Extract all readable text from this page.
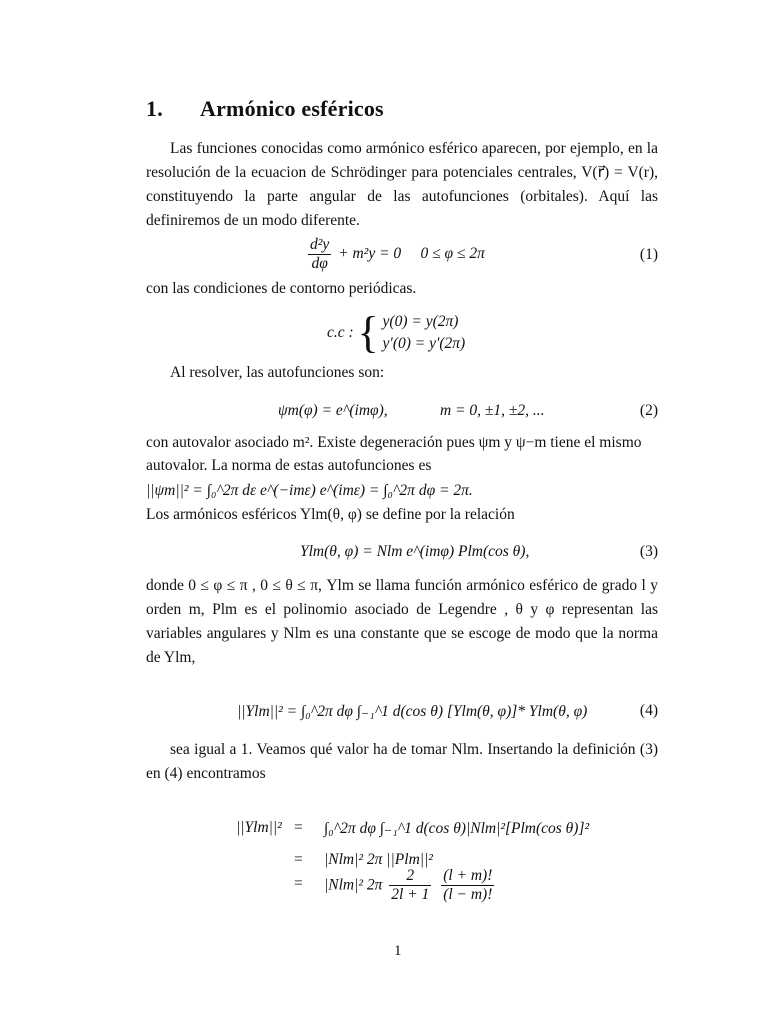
1. Armónico esféricos
Las funciones conocidas como armónico esférico aparecen, por ejemplo, en la resolución de la ecuacion de Schrödinger para potenciales centrales, V(r⃗) = V(r), constituyendo la parte angular de las autofunciones (orbitales). Aquí las definiremos de un modo diferente.
$\frac{\text{d²y}}{d\varphi} + m^2y = 0$     0 ≤ φ ≤ 2π	(1)
con las condiciones de contorno periódicas.
c.c : { y(0) = y(2π)
y′(0) = y′(2π)
Al resolver, las autofunciones son:
ψm(φ) = e^(imφ),	m = 0, ±1, ±2, ...	(2)
con autovalor asociado m². Existe degeneración pues ψm y ψ−m tiene el mismo
autovalor. La norma de estas autofunciones es
||ψm||² = ∫₀^2π dε e^(−imε) e^(imε) = ∫₀^2π dφ = 2π.
Los armónicos esféricos Ylm(θ, φ) se define por la relación
Ylm(θ, φ) = Nlm e^(imφ) Plm(cos θ),	(3)
donde 0 ≤ φ ≤ π , 0 ≤ θ ≤ π, Ylm se llama función armónico esférico de grado l y orden m, Plm es el polinomio asociado de Legendre , θ y φ representan las variables angulares y Nlm es una constante que se escoge de modo que la norma de Ylm,
||Ylm||² = ∫₀^2π dφ ∫₋₁^1 d(cos θ) [Ylm(θ, φ)]* Ylm(θ, φ)	(4)
sea igual a 1. Veamos qué valor ha de tomar Nlm. Insertando la definición (3) en (4) encontramos
||Ylm||² = ∫₀^2π dφ ∫₋₁^1 d(cos θ)|Nlm|²[Plm(cos θ)]²
= |Nlm|² 2π ||Plm||²
= |Nlm|² $2\pi \frac{2}{2l + 1}$
$\frac{(l + m)!}{(l - m)!}$
1
